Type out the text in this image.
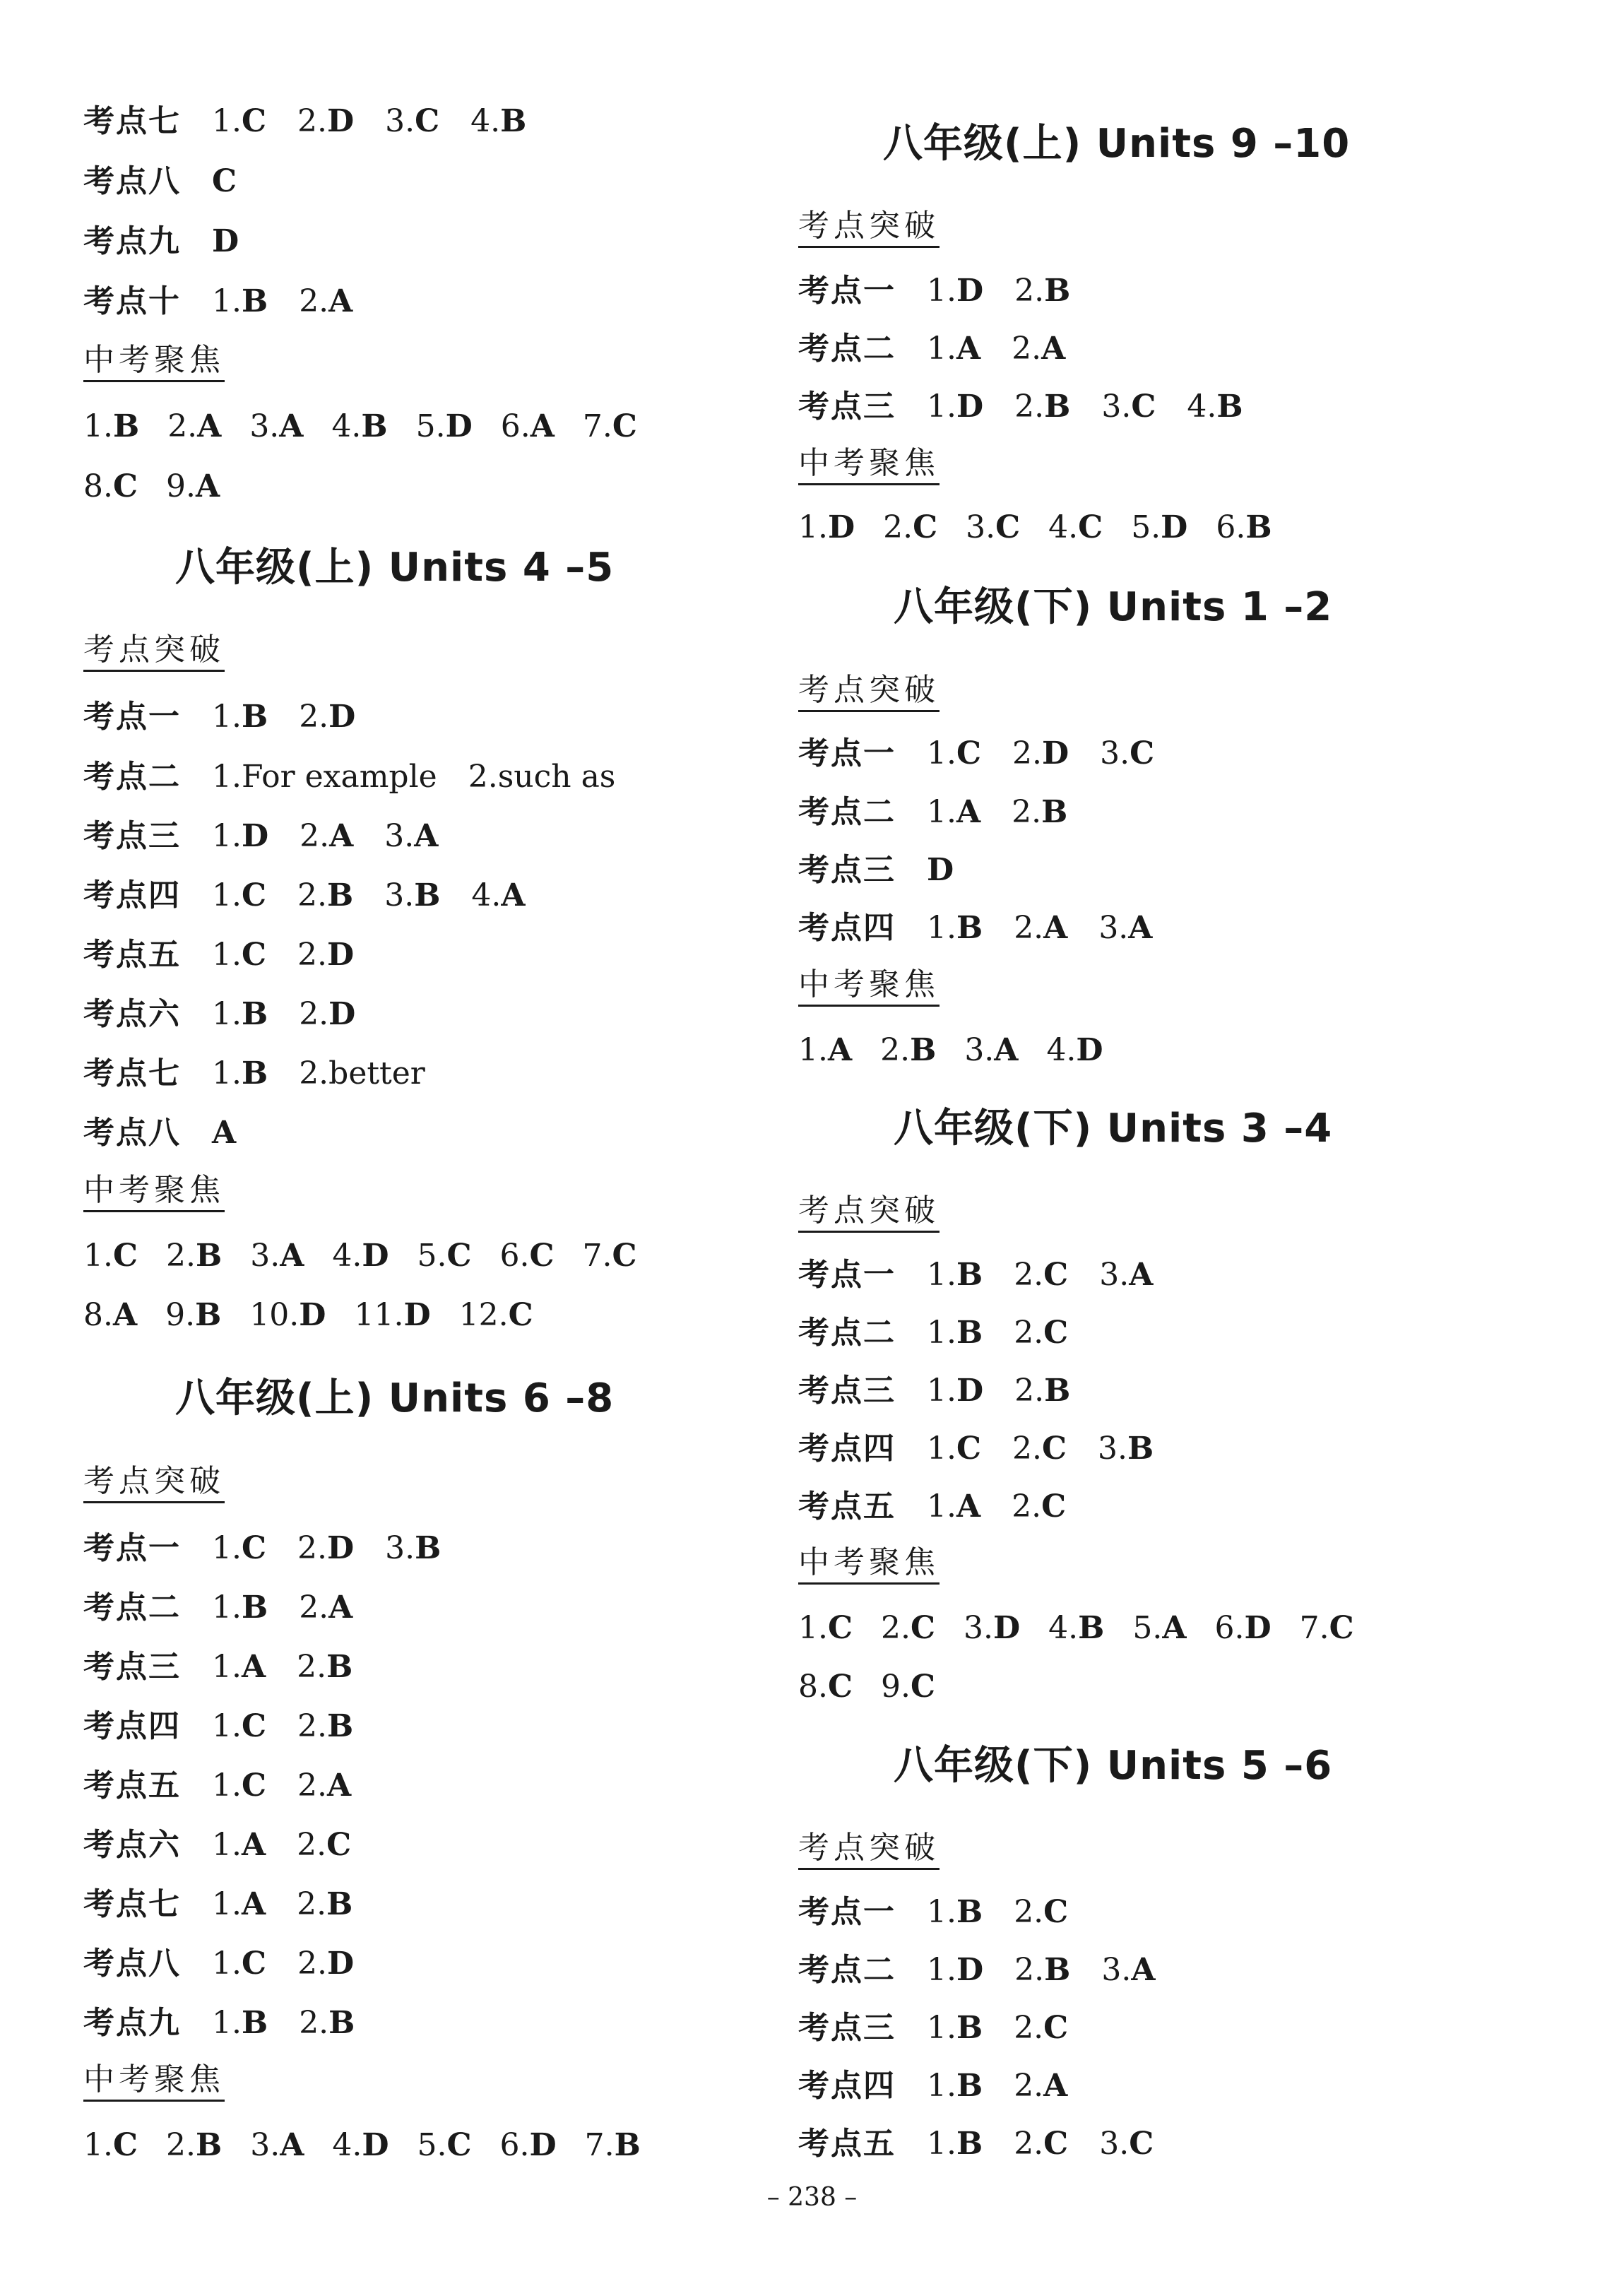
考点七 1.C 2.D 3.C 4.B
考点八 C
考点九 D
考点十 1.B 2.A
中考聚焦
1.B 2.A 3.A 4.B 5.D 6.A 7.C
8.C 9.A
八年级(上) Units 4 –5
考点突破
考点一 1.B 2.D
考点二 1.For example 2.such as
考点三 1.D 2.A 3.A
考点四 1.C 2.B 3.B 4.A
考点五 1.C 2.D
考点六 1.B 2.D
考点七 1.B 2.better
考点八 A
中考聚焦
1.C 2.B 3.A 4.D 5.C 6.C 7.C
8.A 9.B 10.D 11.D 12.C
八年级(上) Units 6 –8
考点突破
考点一 1.C 2.D 3.B
考点二 1.B 2.A
考点三 1.A 2.B
考点四 1.C 2.B
考点五 1.C 2.A
考点六 1.A 2.C
考点七 1.A 2.B
考点八 1.C 2.D
考点九 1.B 2.B
中考聚焦
1.C 2.B 3.A 4.D 5.C 6.D 7.B
八年级(上) Units 9 –10
考点突破
考点一 1.D 2.B
考点二 1.A 2.A
考点三 1.D 2.B 3.C 4.B
中考聚焦
1.D 2.C 3.C 4.C 5.D 6.B
八年级(下) Units 1 –2
考点突破
考点一 1.C 2.D 3.C
考点二 1.A 2.B
考点三 D
考点四 1.B 2.A 3.A
中考聚焦
1.A 2.B 3.A 4.D
八年级(下) Units 3 –4
考点突破
考点一 1.B 2.C 3.A
考点二 1.B 2.C
考点三 1.D 2.B
考点四 1.C 2.C 3.B
考点五 1.A 2.C
中考聚焦
1.C 2.C 3.D 4.B 5.A 6.D 7.C
8.C 9.C
八年级(下) Units 5 –6
考点突破
考点一 1.B 2.C
考点二 1.D 2.B 3.A
考点三 1.B 2.C
考点四 1.B 2.A
考点五 1.B 2.C 3.C
– 238 –
